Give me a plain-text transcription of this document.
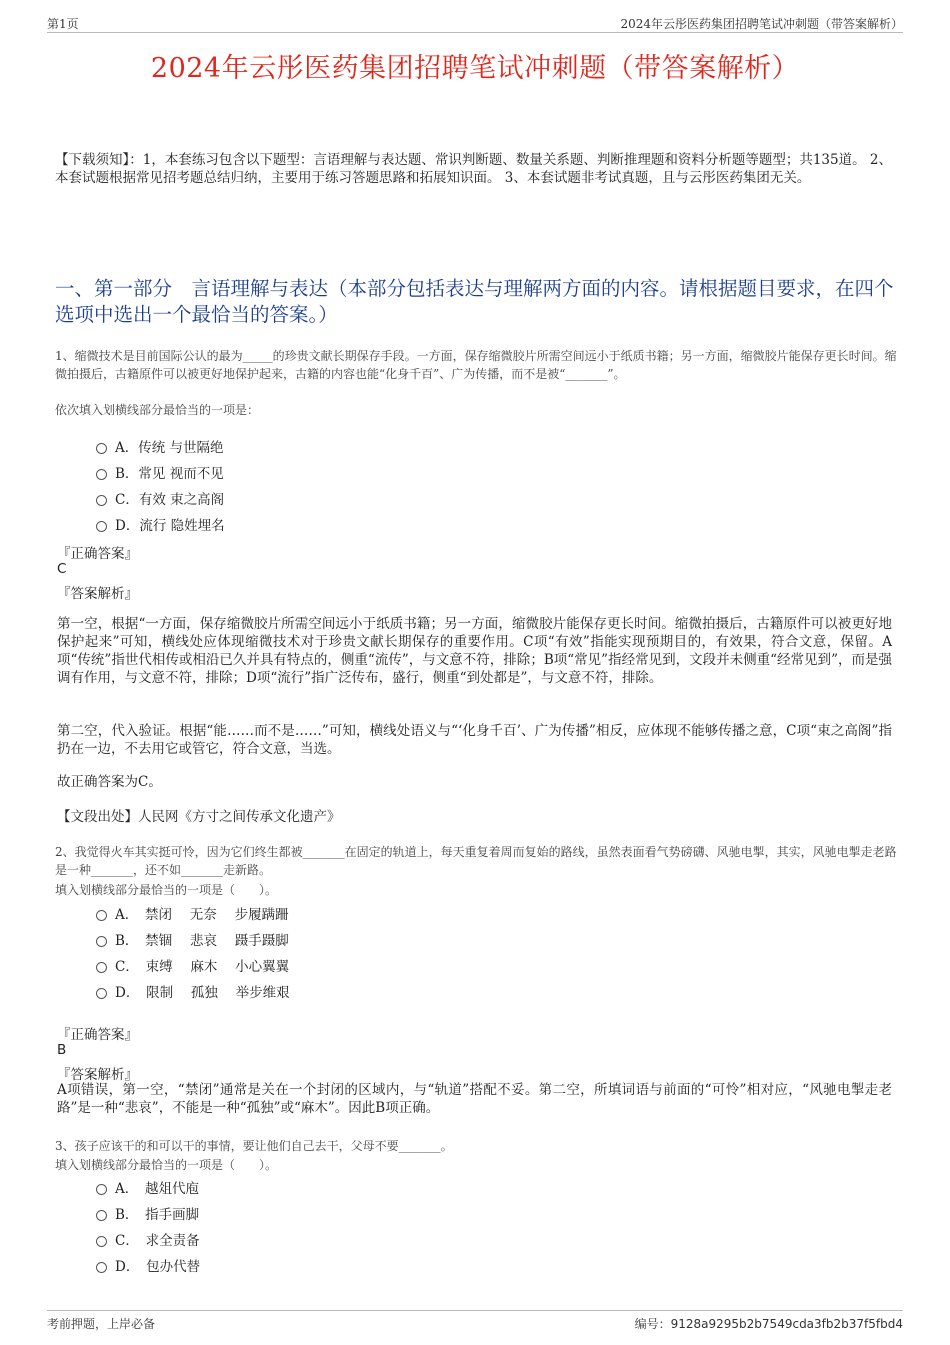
第1页	2024年云彤医药集团招聘笔试冲刺题（带答案解析）
2024年云彤医药集团招聘笔试冲刺题（带答案解析）
【下载须知】：1，本套练习包含以下题型：言语理解与表达题、常识判断题、数量关系题、判断推理题和资料分析题等题型；共135道。 2、本套试题根据常见招考题总结归纳，主要用于练习答题思路和拓展知识面。 3、本套试题非考试真题，且与云彤医药集团无关。
一、第一部分　言语理解与表达（本部分包括表达与理解两方面的内容。请根据题目要求，在四个选项中选出一个最恰当的答案。）
1、缩微技术是目前国际公认的最为_____的珍贵文献长期保存手段。一方面，保存缩微胶片所需空间远小于纸质书籍；另一方面，缩微胶片能保存更长时间。缩微拍摄后，古籍原件可以被更好地保护起来，古籍的内容也能“化身千百”、广为传播，而不是被“_______”。
依次填入划横线部分最恰当的一项是：
A．传统 与世隔绝
B．常见 视而不见
C．有效 束之高阁
D．流行 隐姓埋名
『正确答案』
C
『答案解析』
第一空，根据“一方面，保存缩微胶片所需空间远小于纸质书籍；另一方面，缩微胶片能保存更长时间。缩微拍摄后，古籍原件可以被更好地保护起来”可知，横线处应体现缩微技术对于珍贵文献长期保存的重要作用。C项“有效”指能实现预期目的，有效果，符合文意，保留。A项“传统”指世代相传或相沿已久并具有特点的，侧重“流传”，与文意不符，排除；B项“常见”指经常见到，文段并未侧重“经常见到”，而是强调有作用，与文意不符，排除；D项“流行”指广泛传布，盛行，侧重“到处都是”，与文意不符，排除。
第二空，代入验证。根据“能……而不是……”可知，横线处语义与“‘化身千百’、广为传播”相反，应体现不能够传播之意，C项“束之高阁”指扔在一边，不去用它或管它，符合文意，当选。
故正确答案为C。
【文段出处】人民网《方寸之间传承文化遗产》
2、我觉得火车其实挺可怜，因为它们终生都被_______在固定的轨道上，每天重复着周而复始的路线，虽然表面看气势磅礴、风驰电掣，其实，风驰电掣走老路是一种_______，还不如_______走新路。
填入划横线部分最恰当的一项是（　　）。
A．　禁闭　 无奈　 步履蹒跚
B．　禁锢　 悲哀　 蹑手蹑脚
C．　束缚　 麻木　 小心翼翼
D．　限制　 孤独　 举步维艰
『正确答案』
B
『答案解析』
A项错误，第一空，“禁闭”通常是关在一个封闭的区域内，与“轨道”搭配不妥。第二空，所填词语与前面的“可怜”相对应，“风驰电掣走老路”是一种“悲哀”，不能是一种“孤独”或“麻木”。因此B项正确。
3、孩子应该干的和可以干的事情，要让他们自己去干，父母不要_______。
填入划横线部分最恰当的一项是（　　）。
A．　越俎代庖
B．　指手画脚
C．　求全责备
D．　包办代替
考前押题，上岸必备	编号：9128a9295b2b7549cda3fb2b37f5fbd4
